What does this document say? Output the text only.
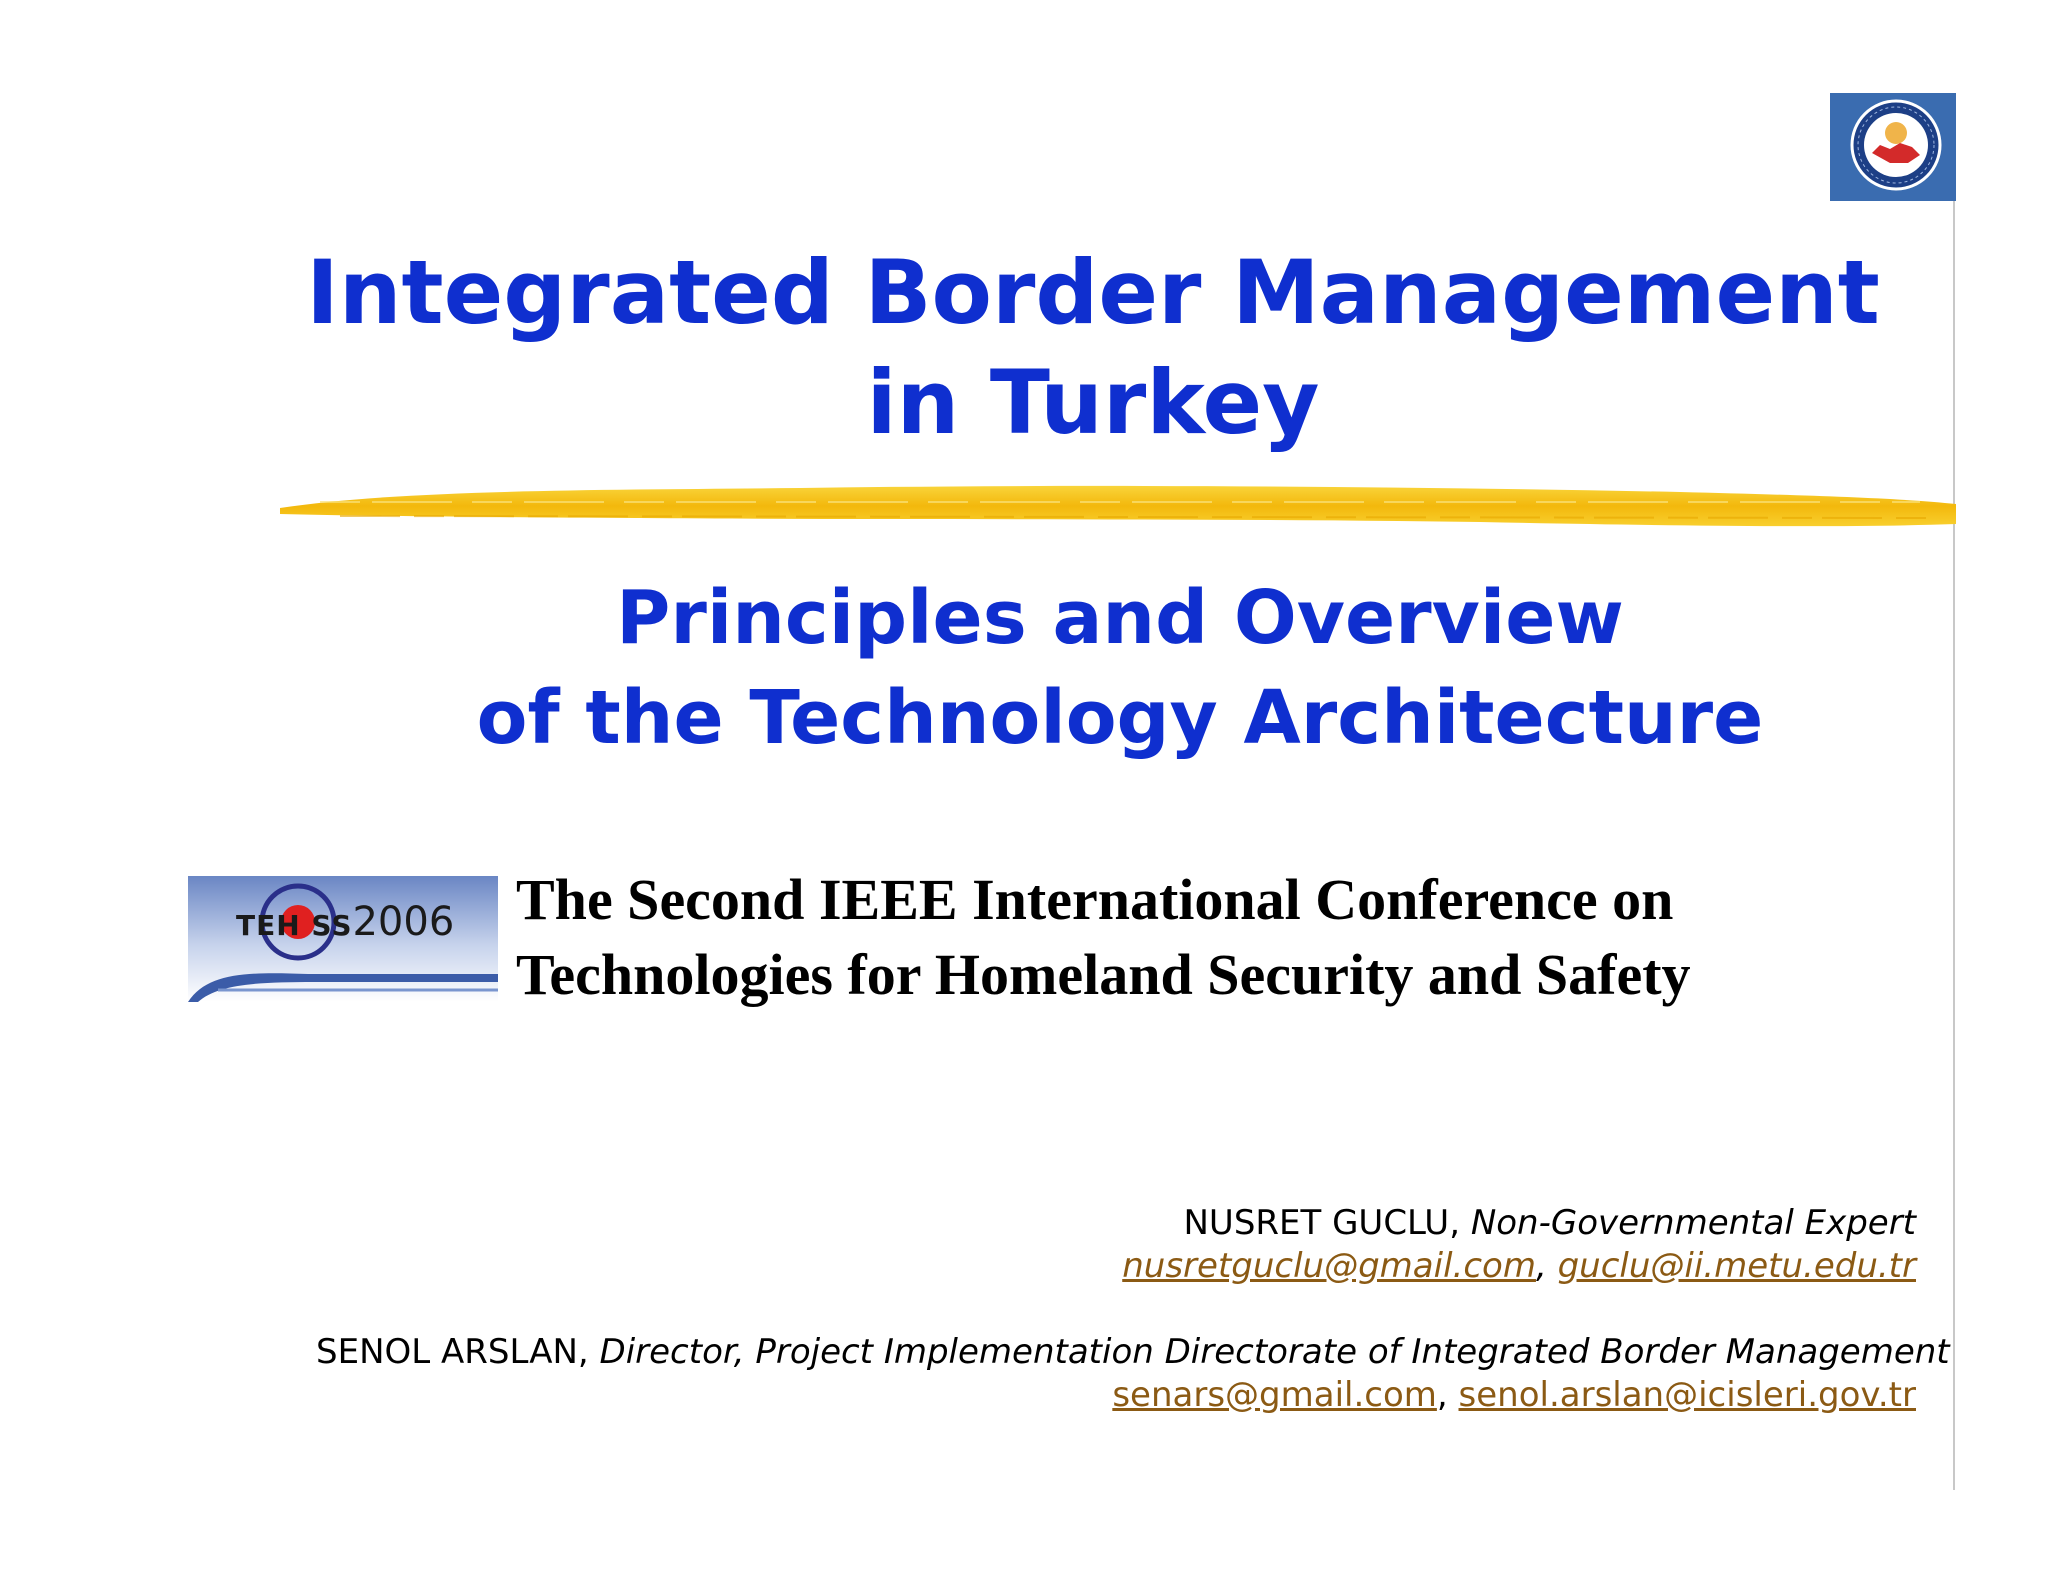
Integrated Border Management
in Turkey
Principles and Overview
of the Technology Architecture
TEH SS2006 The Second IEEE International Conference on
Technologies for Homeland Security and Safety
NUSRET GUCLU, Non-Governmental Expert
nusretguclu@gmail.com, guclu@ii.metu.edu.tr
SENOL ARSLAN, Director, Project Implementation Directorate of Integrated Border Management
senars@gmail.com, senol.arslan@icisleri.gov.tr
